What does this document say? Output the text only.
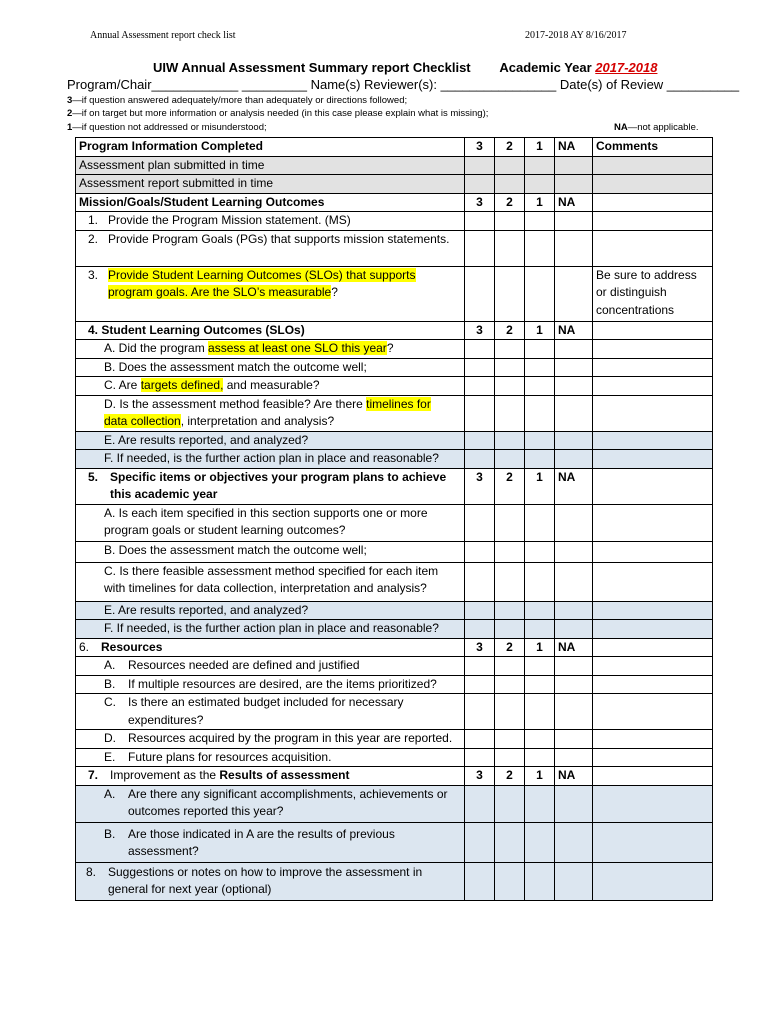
Annual Assessment report check list	2017-2018 AY 8/16/2017
UIW Annual Assessment Summary report Checklist Academic Year 2017-2018
Program/Chair____________ _________ Name(s) Reviewer(s): ________________ Date(s) of Review __________
3—if question answered adequately/more than adequately or directions followed;
2—if on target but more information or analysis needed (in this case please explain what is missing);
1—if question not addressed or misunderstood;	NA—not applicable.
Program Information Completed	3	2	1	NA	Comments
Assessment plan submitted in time					
Assessment report submitted in time					
Mission/Goals/Student Learning Outcomes	3	2	1	NA	

1. Provide the Program Mission statement. (MS)					

2. Provide Program Goals (PGs) that supports mission statements.					

3. Provide Student Learning Outcomes (SLOs) that supports program goals. Are the SLO’s measurable?					Be sure to address or distinguish concentrations
4. Student Learning Outcomes (SLOs)	3	2	1	NA	
A. Did the program assess at least one SLO this year?					
B. Does the assessment match the outcome well;					
C. Are targets defined, and measurable?					
D. Is the assessment method feasible? Are there timelines for
data collection, interpretation and analysis?					
E. Are results reported, and analyzed?					
F. If needed, is the further action plan in place and reasonable?					

5. Specific items or objectives your program plans to achieve this academic year	3	2	1	NA	
A. Is each item specified in this section supports one or more program goals or student learning outcomes?					
B. Does the assessment match the outcome well;					
C. Is there feasible assessment method specified for each item with timelines for data collection, interpretation and analysis?					
E. Are results reported, and analyzed?					
F. If needed, is the further action plan in place and reasonable?					

6. Resources	3	2	1	NA	

A. Resources needed are defined and justified					

B. If multiple resources are desired, are the items prioritized?					

C. Is there an estimated budget included for necessary expenditures?					

D. Resources acquired by the program in this year are reported.					

E. Future plans for resources acquisition.					

7. Improvement as the Results of assessment	3	2	1	NA	

A. Are there any significant accomplishments, achievements or outcomes reported this year?					

B. Are those indicated in A are the results of previous assessment?					

8. Suggestions or notes on how to improve the assessment in general for next year (optional)					
